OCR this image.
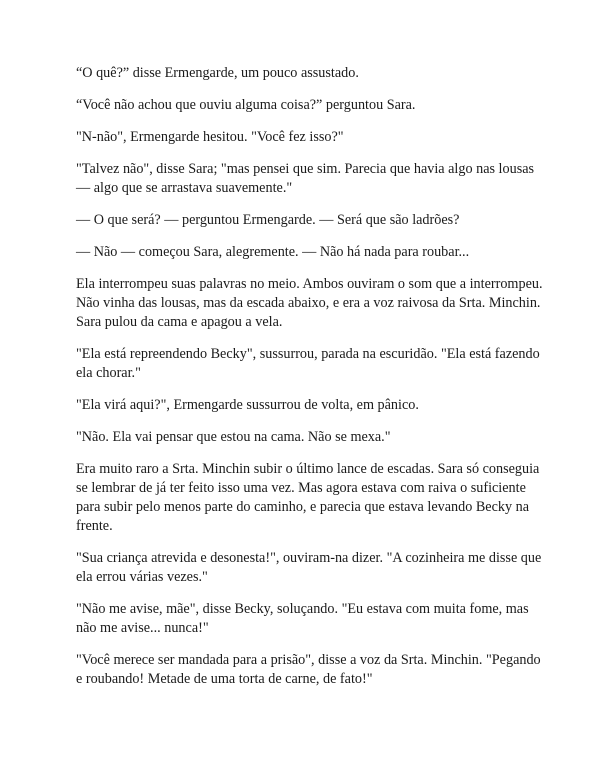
“O quê?” disse Ermengarde, um pouco assustado.

“Você não achou que ouviu alguma coisa?” perguntou Sara.

"N-não", Ermengarde hesitou. "Você fez isso?"

"Talvez não", disse Sara; "mas pensei que sim. Parecia que havia algo nas lousas — algo que se arrastava suavemente."

— O que será? — perguntou Ermengarde. — Será que são ladrões?

— Não — começou Sara, alegremente. — Não há nada para roubar...

Ela interrompeu suas palavras no meio. Ambos ouviram o som que a interrompeu. Não vinha das lousas, mas da escada abaixo, e era a voz raivosa da Srta. Minchin. Sara pulou da cama e apagou a vela.

"Ela está repreendendo Becky", sussurrou, parada na escuridão. "Ela está fazendo ela chorar."

"Ela virá aqui?", Ermengarde sussurrou de volta, em pânico.

"Não. Ela vai pensar que estou na cama. Não se mexa."

Era muito raro a Srta. Minchin subir o último lance de escadas. Sara só conseguia se lembrar de já ter feito isso uma vez. Mas agora estava com raiva o suficiente para subir pelo menos parte do caminho, e parecia que estava levando Becky na frente.

"Sua criança atrevida e desonesta!", ouviram-na dizer. "A cozinheira me disse que ela errou várias vezes."

"Não me avise, mãe", disse Becky, soluçando. "Eu estava com muita fome, mas não me avise... nunca!"

"Você merece ser mandada para a prisão", disse a voz da Srta. Minchin. "Pegando e roubando! Metade de uma torta de carne, de fato!"
